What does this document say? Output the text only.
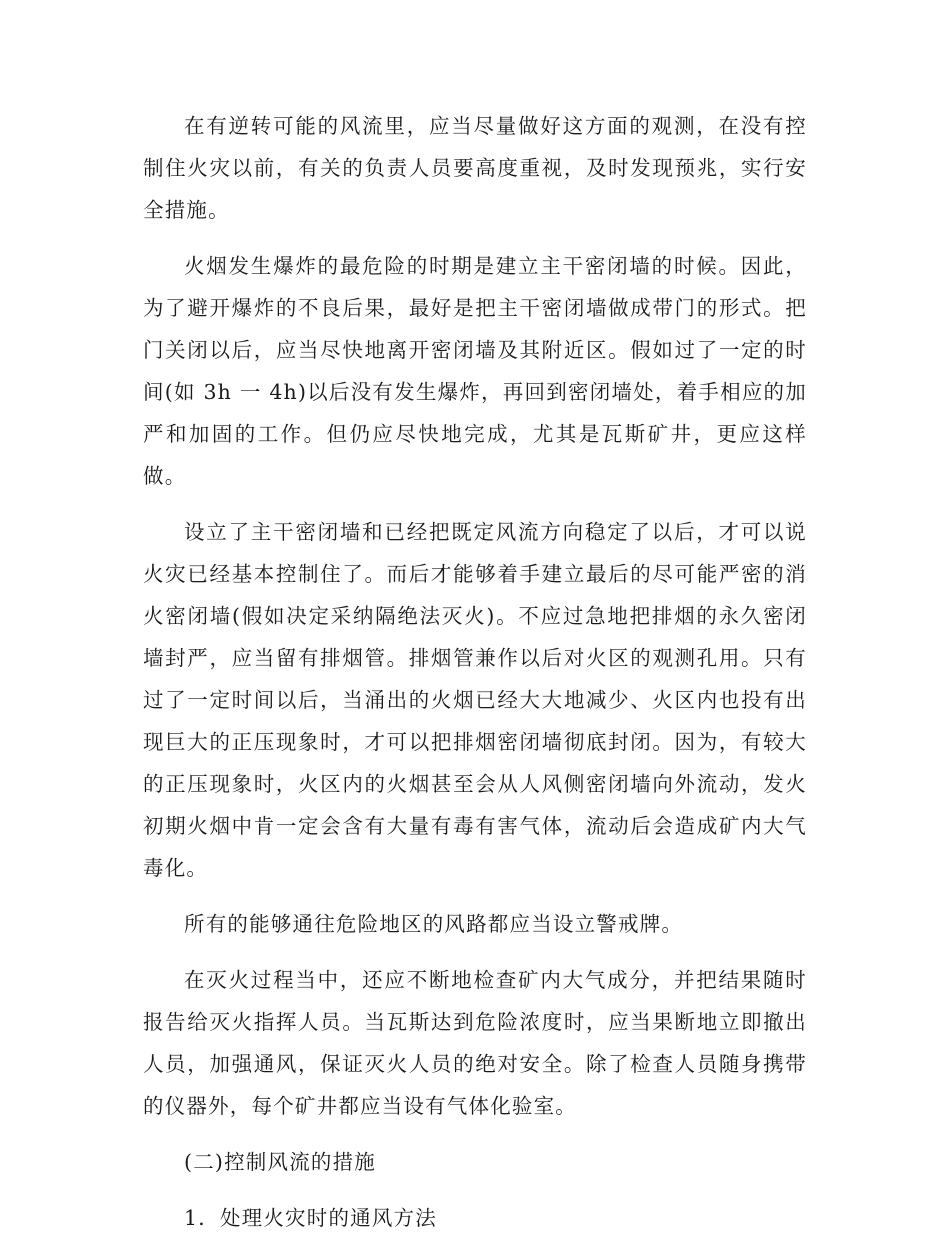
在有逆转可能的风流里，应当尽量做好这方面的观测，在没有控制住火灾以前，有关的负责人员要高度重视，及时发现预兆，实行安全措施。

火烟发生爆炸的最危险的时期是建立主干密闭墙的时候。因此，为了避开爆炸的不良后果，最好是把主干密闭墙做成带门的形式。把门关闭以后，应当尽快地离开密闭墙及其附近区。假如过了一定的时间(如 3h 一 4h)以后没有发生爆炸，再回到密闭墙处，着手相应的加严和加固的工作。但仍应尽快地完成，尤其是瓦斯矿井，更应这样做。

设立了主干密闭墙和已经把既定风流方向稳定了以后，才可以说火灾已经基本控制住了。而后才能够着手建立最后的尽可能严密的消火密闭墙(假如决定采纳隔绝法灭火)。不应过急地把排烟的永久密闭墙封严，应当留有排烟管。排烟管兼作以后对火区的观测孔用。只有过了一定时间以后，当涌出的火烟已经大大地减少、火区内也投有出现巨大的正压现象时，才可以把排烟密闭墙彻底封闭。因为，有较大的正压现象时，火区内的火烟甚至会从人风侧密闭墙向外流动，发火初期火烟中肯一定会含有大量有毒有害气体，流动后会造成矿内大气毒化。

所有的能够通往危险地区的风路都应当设立警戒牌。

在灭火过程当中，还应不断地检查矿内大气成分，并把结果随时报告给灭火指挥人员。当瓦斯达到危险浓度时，应当果断地立即撤出人员，加强通风，保证灭火人员的绝对安全。除了检查人员随身携带的仪器外，每个矿井都应当设有气体化验室。

(二)控制风流的措施

1．处理火灾时的通风方法
